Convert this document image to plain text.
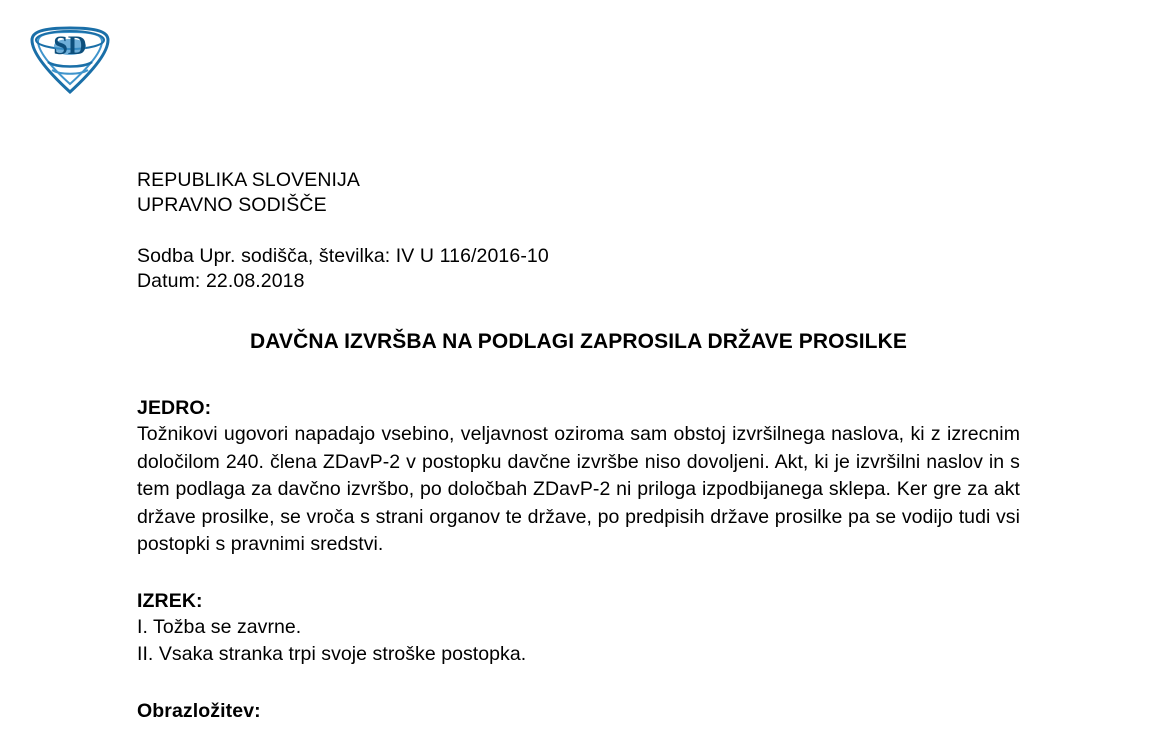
SD
REPUBLIKA SLOVENIJA
UPRAVNO SODIŠČE
Sodba Upr. sodišča, številka: IV U 116/2016-10
Datum: 22.08.2018
DAVČNA IZVRŠBA NA PODLAGI ZAPROSILA DRŽAVE PROSILKE
JEDRO:
Tožnikovi ugovori napadajo vsebino, veljavnost oziroma sam obstoj izvršilnega naslova, ki z izrecnim določilom 240. člena ZDavP-2 v postopku davčne izvršbe niso dovoljeni. Akt, ki je izvršilni naslov in s tem podlaga za davčno izvršbo, po določbah ZDavP-2 ni priloga izpodbijanega sklepa. Ker gre za akt države prosilke, se vroča s strani organov te države, po predpisih države prosilke pa se vodijo tudi vsi postopki s pravnimi sredstvi.
IZREK:
I. Tožba se zavrne.
II. Vsaka stranka trpi svoje stroške postopka.
Obrazložitev:
